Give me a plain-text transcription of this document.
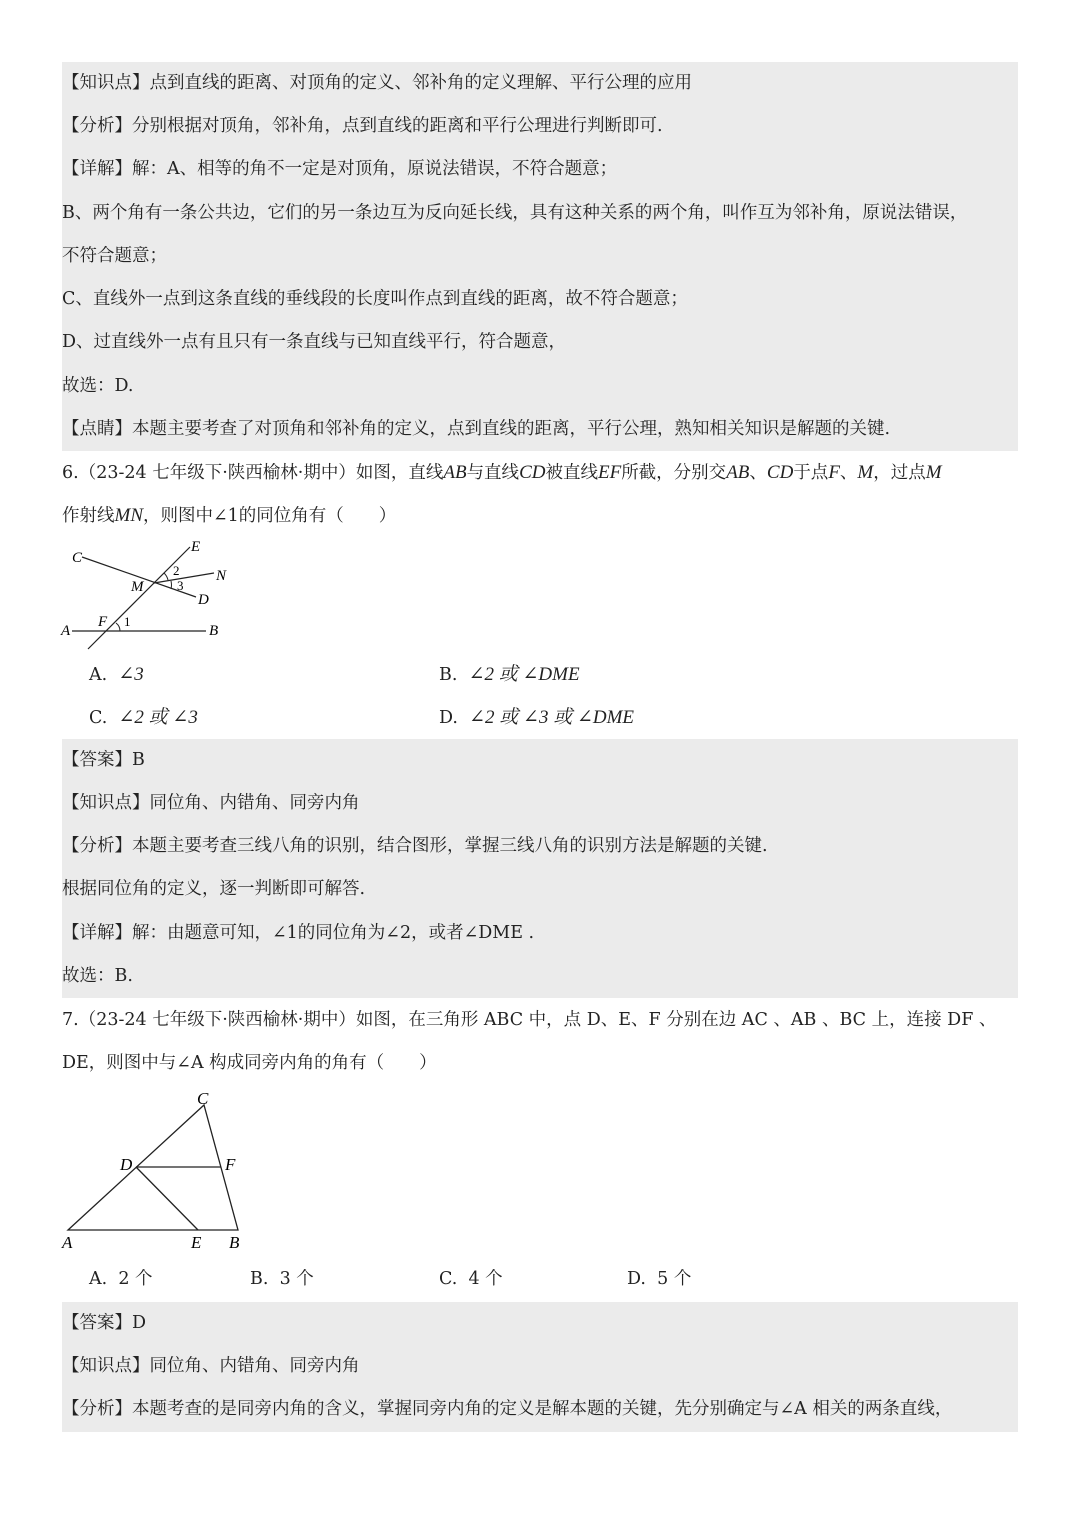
【知识点】点到直线的距离、对顶角的定义、邻补角的定义理解、平行公理的应用
【分析】分别根据对顶角，邻补角，点到直线的距离和平行公理进行判断即可.
【详解】解：A、相等的角不一定是对顶角，原说法错误，不符合题意；
B、两个角有一条公共边，它们的另一条边互为反向延长线，具有这种关系的两个角，叫作互为邻补角，原说法错误，
不符合题意；
C、直线外一点到这条直线的垂线段的长度叫作点到直线的距离，故不符合题意；
D、过直线外一点有且只有一条直线与已知直线平行，符合题意，
故选：D.
【点睛】本题主要考查了对顶角和邻补角的定义，点到直线的距离，平行公理，熟知相关知识是解题的关键.
6.（23-24 七年级下·陕西榆林·期中）如图，直线AB与直线CD被直线EF所截，分别交AB、CD于点F、M，过点M
作射线MN，则图中∠1的同位角有（　　）
C
E
N
M
D
A
F
B
1
2
3
A. ∠3	B. ∠2 或 ∠DME
C. ∠2 或 ∠3	D. ∠2 或 ∠3 或 ∠DME
【答案】B
【知识点】同位角、内错角、同旁内角
【分析】本题主要考查三线八角的识别，结合图形，掌握三线八角的识别方法是解题的关键.
根据同位角的定义，逐一判断即可解答.
【详解】解：由题意可知，∠1的同位角为∠2，或者∠DME .
故选：B.
7.（23-24 七年级下·陕西榆林·期中）如图，在三角形 ABC 中，点 D、E、F 分别在边 AC 、AB 、BC 上，连接 DF 、
DE，则图中与∠A 构成同旁内角的角有（　　）
C
D	F
A	E B
A. 2 个	B. 3 个	C. 4 个	D. 5 个
【答案】D
【知识点】同位角、内错角、同旁内角
【分析】本题考查的是同旁内角的含义，掌握同旁内角的定义是解本题的关键，先分别确定与∠A 相关的两条直线，
